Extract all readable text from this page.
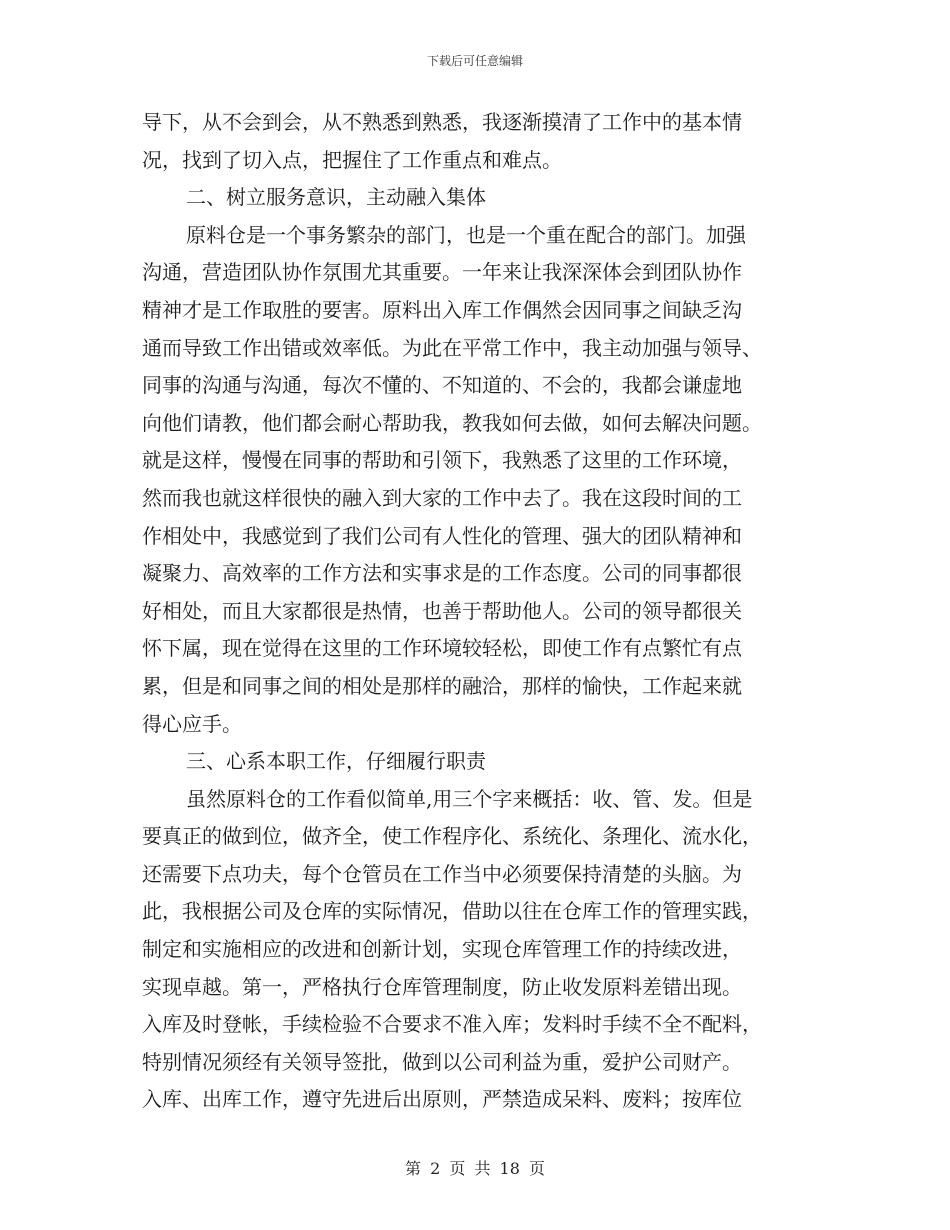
下载后可任意编辑
导下，从不会到会，从不熟悉到熟悉，我逐渐摸清了工作中的基本情
况，找到了切入点，把握住了工作重点和难点。
二、树立服务意识，主动融入集体
原料仓是一个事务繁杂的部门，也是一个重在配合的部门。加强
沟通，营造团队协作氛围尤其重要。一年来让我深深体会到团队协作
精神才是工作取胜的要害。原料出入库工作偶然会因同事之间缺乏沟
通而导致工作出错或效率低。为此在平常工作中，我主动加强与领导、
同事的沟通与沟通，每次不懂的、不知道的、不会的，我都会谦虚地
向他们请教，他们都会耐心帮助我，教我如何去做，如何去解决问题。
就是这样，慢慢在同事的帮助和引领下，我熟悉了这里的工作环境，
然而我也就这样很快的融入到大家的工作中去了。我在这段时间的工
作相处中，我感觉到了我们公司有人性化的管理、强大的团队精神和
凝聚力、高效率的工作方法和实事求是的工作态度。公司的同事都很
好相处，而且大家都很是热情，也善于帮助他人。公司的领导都很关
怀下属，现在觉得在这里的工作环境较轻松，即使工作有点繁忙有点
累，但是和同事之间的相处是那样的融洽，那样的愉快，工作起来就
得心应手。
三、心系本职工作，仔细履行职责
虽然原料仓的工作看似简单,用三个字来概括：收、管、发。但是
要真正的做到位，做齐全，使工作程序化、系统化、条理化、流水化，
还需要下点功夫，每个仓管员在工作当中必须要保持清楚的头脑。为
此，我根据公司及仓库的实际情况，借助以往在仓库工作的管理实践，
制定和实施相应的改进和创新计划，实现仓库管理工作的持续改进，
实现卓越。第一，严格执行仓库管理制度，防止收发原料差错出现。
入库及时登帐，手续检验不合要求不准入库；发料时手续不全不配料，
特别情况须经有关领导签批，做到以公司利益为重，爱护公司财产。
入库、出库工作，遵守先进后出原则，严禁造成呆料、废料；按库位
第 2 页 共 18 页
